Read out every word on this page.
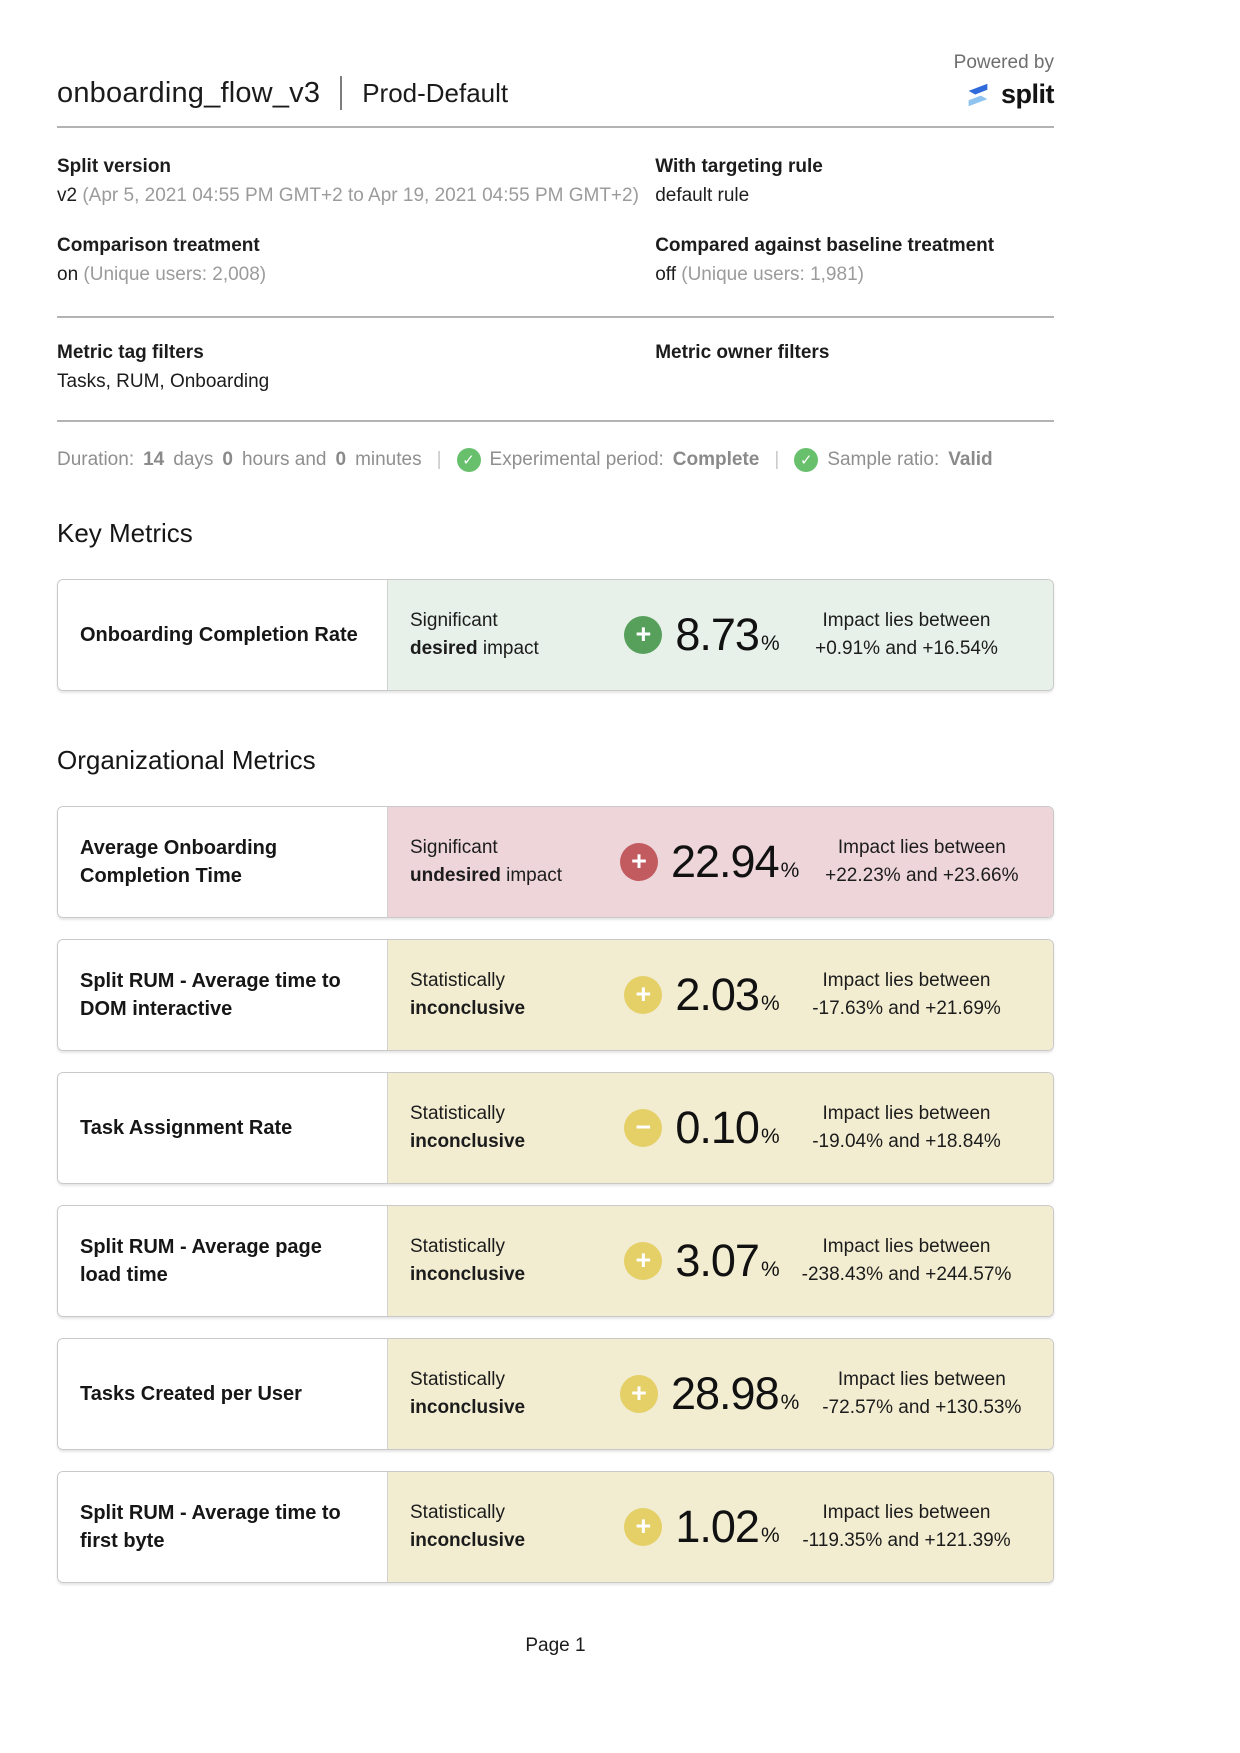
Powered by
onboarding_flow_v3 Prod-Default	split
Split version
v2 (Apr 5, 2021 04:55 PM GMT+2 to Apr 19, 2021 04:55 PM GMT+2)
With targeting rule
default rule
Comparison treatment
on (Unique users: 2,008)
Compared against baseline treatment
off (Unique users: 1,981)
Metric tag filters
Tasks, RUM, Onboarding
Metric owner filters
Duration: 14 days 0 hours and 0 minutes |	✓ Experimental period: Complete |	✓ Sample ratio: Valid
Key Metrics
Onboarding Completion Rate
Significant
desired impact	+ 8.73 %
Impact lies between
+0.91% and +16.54%
Organizational Metrics
Average Onboarding Completion Time
Significant
undesired impact	+ 22.94 %
Impact lies between
+22.23% and +23.66%
Split RUM - Average time to DOM interactive
Statistically
inconclusive	+ 2.03 %
Impact lies between
-17.63% and +21.69%
Task Assignment Rate
Statistically
inconclusive	− 0.10 %
Impact lies between
-19.04% and +18.84%
Split RUM - Average page load time
Statistically
inconclusive	+ 3.07 %
Impact lies between
-238.43% and +244.57%
Tasks Created per User
Statistically
inconclusive	+ 28.98 %
Impact lies between
-72.57% and +130.53%
Split RUM - Average time to first byte
Statistically
inconclusive	+ 1.02 %
Impact lies between
-119.35% and +121.39%
Page 1
